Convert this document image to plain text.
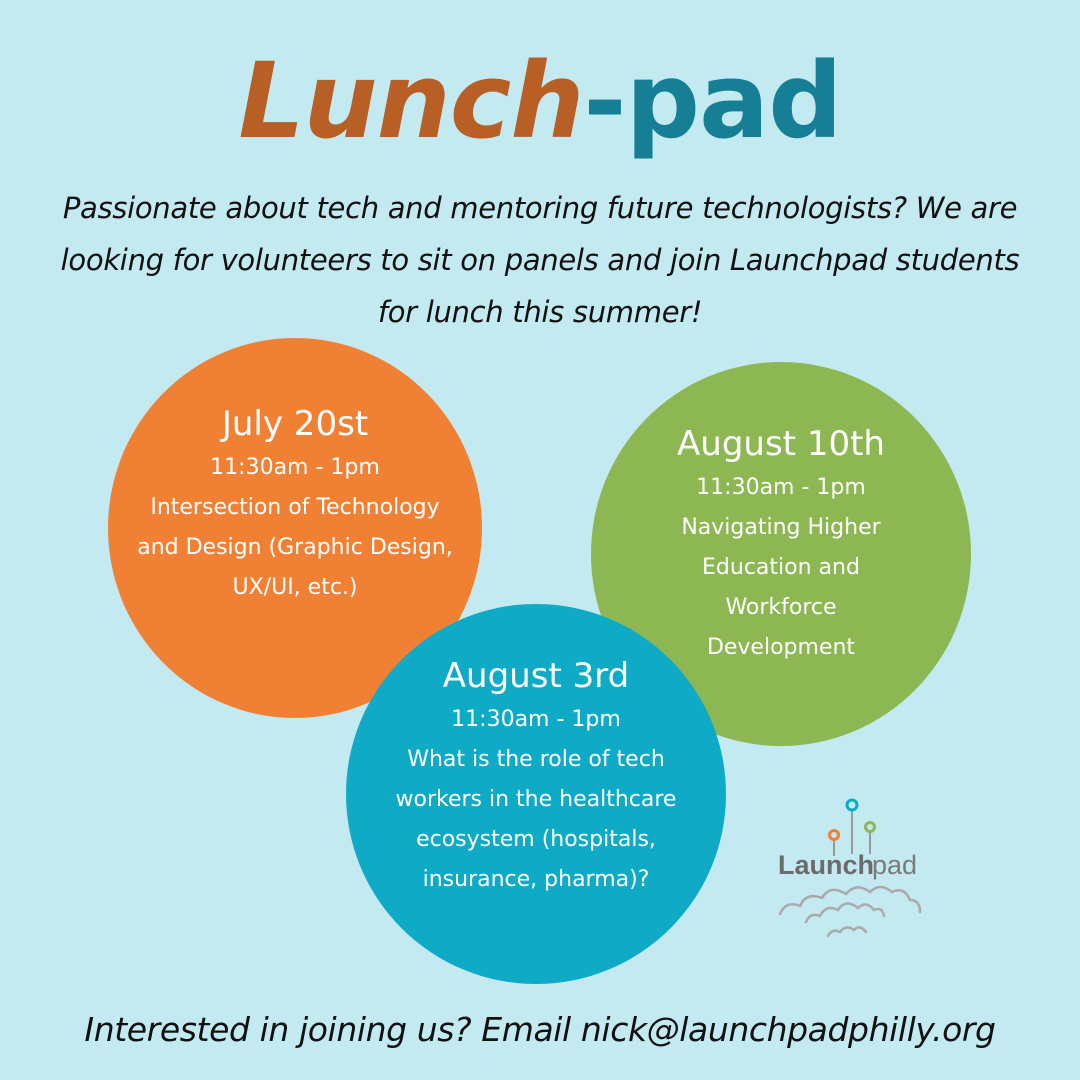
Lunch-pad
Passionate about tech and mentoring future technologists? We are looking for volunteers to sit on panels and join Launchpad students for lunch this summer!
July 20st
11:30am - 1pm
Intersection of Technology and Design (Graphic Design, UX/UI, etc.)
August 10th
11:30am - 1pm
Navigating Higher Education and Workforce Development
August 3rd
11:30am - 1pm
What is the role of tech workers in the healthcare ecosystem (hospitals, insurance, pharma)?	Launch
pad
Interested in joining us? Email nick@launchpadphilly.org
